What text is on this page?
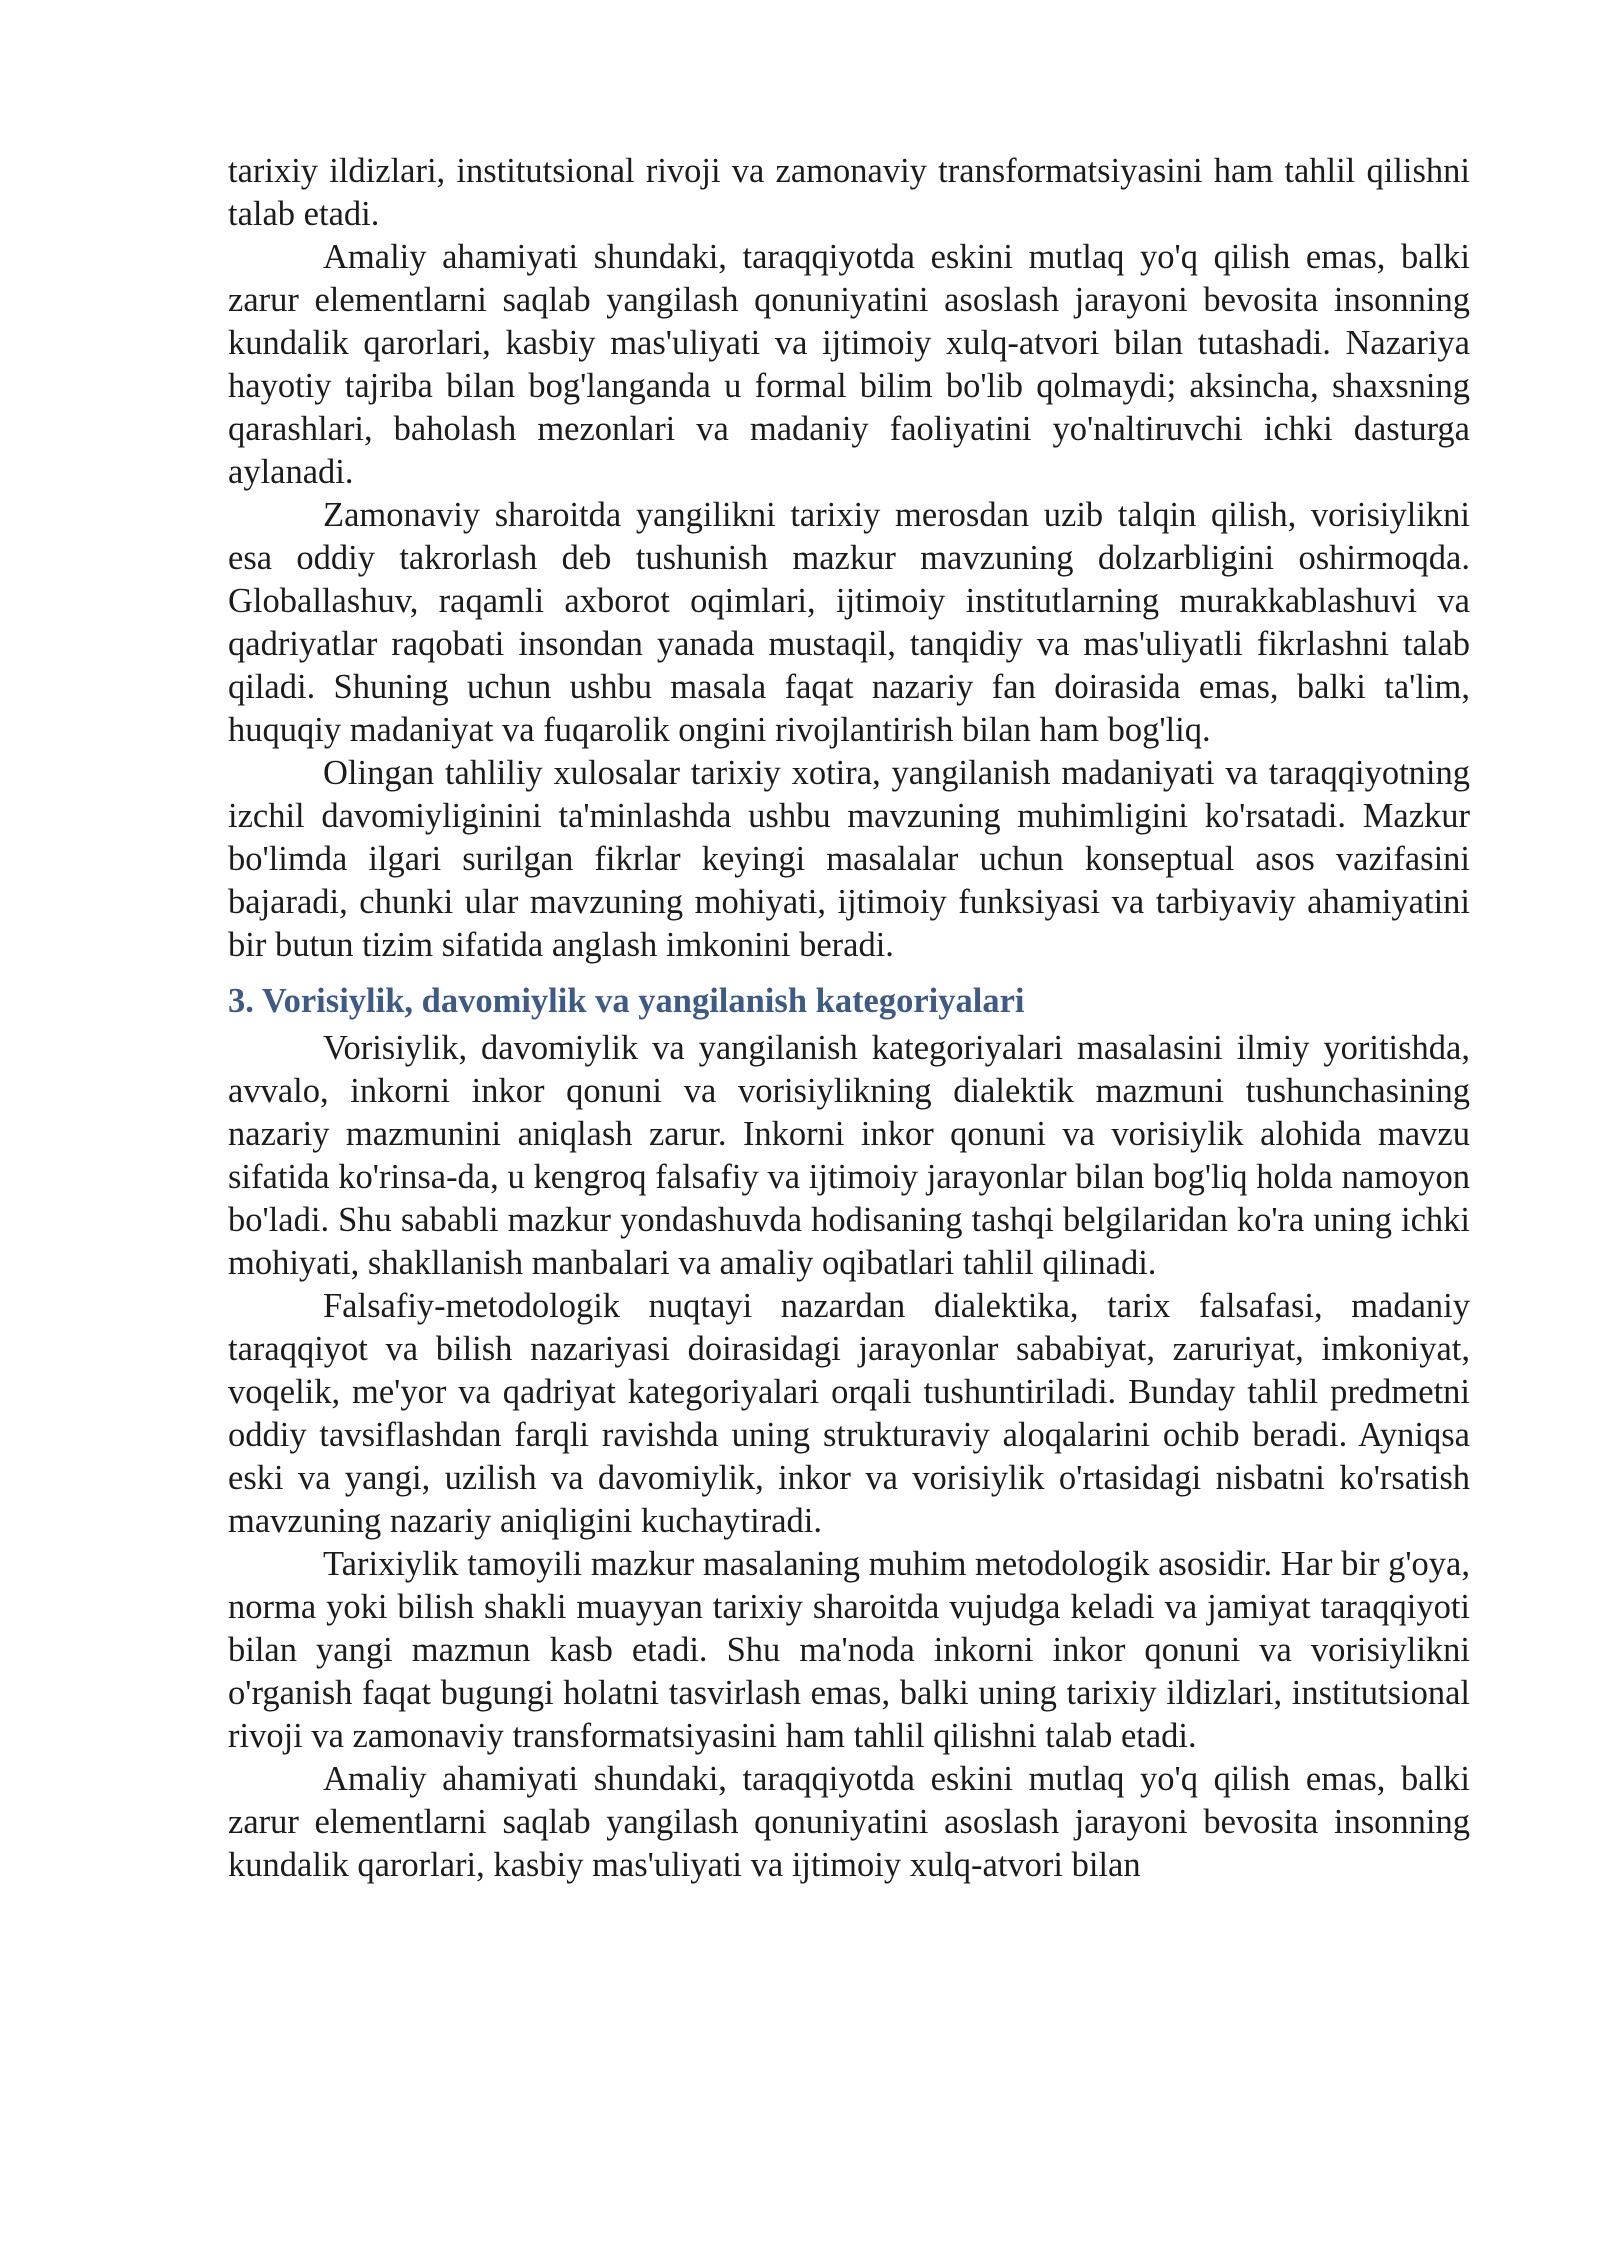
tarixiy ildizlari, institutsional rivoji va zamonaviy transformatsiyasini ham tahlil qilishni talab etadi.

Amaliy ahamiyati shundaki, taraqqiyotda eskini mutlaq yo'q qilish emas, balki zarur elementlarni saqlab yangilash qonuniyatini asoslash jarayoni bevosita insonning kundalik qarorlari, kasbiy mas'uliyati va ijtimoiy xulq-atvori bilan tutashadi. Nazariya hayotiy tajriba bilan bog'langanda u formal bilim bo'lib qolmaydi; aksincha, shaxsning qarashlari, baholash mezonlari va madaniy faoliyatini yo'naltiruvchi ichki dasturga aylanadi.

Zamonaviy sharoitda yangilikni tarixiy merosdan uzib talqin qilish, vorisiylikni esa oddiy takrorlash deb tushunish mazkur mavzuning dolzarbligini oshirmoqda. Globallashuv, raqamli axborot oqimlari, ijtimoiy institutlarning murakkablashuvi va qadriyatlar raqobati insondan yanada mustaqil, tanqidiy va mas'uliyatli fikrlashni talab qiladi. Shuning uchun ushbu masala faqat nazariy fan doirasida emas, balki ta'lim, huquqiy madaniyat va fuqarolik ongini rivojlantirish bilan ham bog'liq.

Olingan tahliliy xulosalar tarixiy xotira, yangilanish madaniyati va taraqqiyotning izchil davomiyliginini ta'minlashda ushbu mavzuning muhimligini ko'rsatadi. Mazkur bo'limda ilgari surilgan fikrlar keyingi masalalar uchun konseptual asos vazifasini bajaradi, chunki ular mavzuning mohiyati, ijtimoiy funksiyasi va tarbiyaviy ahamiyatini bir butun tizim sifatida anglash imkonini beradi.

3. Vorisiylik, davomiylik va yangilanish kategoriyalari

Vorisiylik, davomiylik va yangilanish kategoriyalari masalasini ilmiy yoritishda, avvalo, inkorni inkor qonuni va vorisiylikning dialektik mazmuni tushunchasining nazariy mazmunini aniqlash zarur. Inkorni inkor qonuni va vorisiylik alohida mavzu sifatida ko'rinsa-da, u kengroq falsafiy va ijtimoiy jarayonlar bilan bog'liq holda namoyon bo'ladi. Shu sababli mazkur yondashuvda hodisaning tashqi belgilaridan ko'ra uning ichki mohiyati, shakllanish manbalari va amaliy oqibatlari tahlil qilinadi.

Falsafiy-metodologik nuqtayi nazardan dialektika, tarix falsafasi, madaniy taraqqiyot va bilish nazariyasi doirasidagi jarayonlar sababiyat, zaruriyat, imkoniyat, voqelik, me'yor va qadriyat kategoriyalari orqali tushuntiriladi. Bunday tahlil predmetni oddiy tavsiflashdan farqli ravishda uning strukturaviy aloqalarini ochib beradi. Ayniqsa eski va yangi, uzilish va davomiylik, inkor va vorisiylik o'rtasidagi nisbatni ko'rsatish mavzuning nazariy aniqligini kuchaytiradi.

Tarixiylik tamoyili mazkur masalaning muhim metodologik asosidir. Har bir g'oya, norma yoki bilish shakli muayyan tarixiy sharoitda vujudga keladi va jamiyat taraqqiyoti bilan yangi mazmun kasb etadi. Shu ma'noda inkorni inkor qonuni va vorisiylikni o'rganish faqat bugungi holatni tasvirlash emas, balki uning tarixiy ildizlari, institutsional rivoji va zamonaviy transformatsiyasini ham tahlil qilishni talab etadi.

Amaliy ahamiyati shundaki, taraqqiyotda eskini mutlaq yo'q qilish emas, balki zarur elementlarni saqlab yangilash qonuniyatini asoslash jarayoni bevosita insonning kundalik qarorlari, kasbiy mas'uliyati va ijtimoiy xulq-atvori bilan
